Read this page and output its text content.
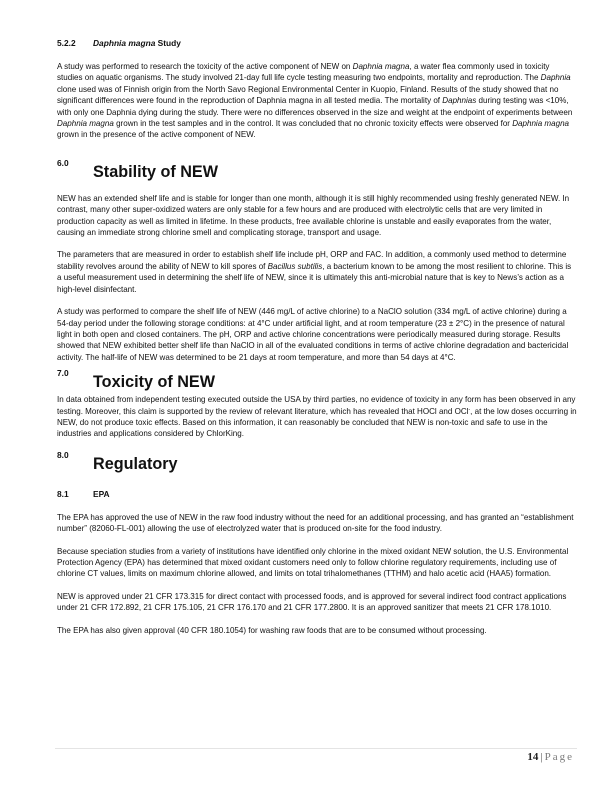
5.2.2	Daphnia magna Study

A study was performed to research the toxicity of the active component of NEW on Daphnia magna, a water flea commonly used in toxicity studies on aquatic organisms. The study involved 21-day full life cycle testing measuring two endpoints, mortality and reproduction. The Daphnia clone used was of Finnish origin from the North Savo Regional Environmental Center in Kuopio, Finland. Results of the study showed that no significant differences were found in the reproduction of Daphnia magna in all tested media. The mortality of Daphnias during testing was <10%, with only one Daphnia dying during the study. There were no differences observed in the size and weight at the endpoint of experiments between Daphnia magna grown in the test samples and in the control. It was concluded that no chronic toxicity effects were observed for Daphnia magna grown in the presence of the active component of NEW.

6.0	Stability of NEW

NEW has an extended shelf life and is stable for longer than one month, although it is still highly recommended using freshly generated NEW. In contrast, many other super-oxidized waters are only stable for a few hours and are produced with electrolytic cells that are very limited in production capacity as well as limited in lifetime. In these products, free available chlorine is unstable and easily evaporates from the water, causing an immediate strong chlorine smell and complicating storage, transport and usage.

The parameters that are measured in order to establish shelf life include pH, ORP and FAC. In addition, a commonly used method to determine stability revolves around the ability of NEW to kill spores of Bacillus subtilis, a bacterium known to be among the most resilient to chlorine. This is a useful measurement used in determining the shelf life of NEW, since it is ultimately this anti-microbial nature that is key to News’s action as a high-level disinfectant.

A study was performed to compare the shelf life of NEW (446 mg/L of active chlorine) to a NaClO solution (334 mg/L of active chlorine) during a 54-day period under the following storage conditions: at 4°C under artificial light, and at room temperature (23 ± 2°C) in the presence of natural light in both open and closed containers. The pH, ORP and active chlorine concentrations were periodically measured during storage. Results showed that NEW exhibited better shelf life than NaClO in all of the evaluated conditions in terms of active chlorine degradation and bactericidal activity. The half-life of NEW was determined to be 21 days at room temperature, and more than 54 days at 4°C.

7.0	Toxicity of NEW

In data obtained from independent testing executed outside the USA by third parties, no evidence of toxicity in any form has been observed in any testing. Moreover, this claim is supported by the review of relevant literature, which has revealed that HOCl and OCl-, at the low doses occurring in NEW, do not produce toxic effects. Based on this information, it can reasonably be concluded that NEW is non-toxic and safe to use in the industries and applications considered by ChlorKing.

8.0	Regulatory
8.1	EPA

The EPA has approved the use of NEW in the raw food industry without the need for an additional processing, and has granted an “establishment number” (82060-FL-001) allowing the use of electrolyzed water that is produced on-site for the food industry.

Because speciation studies from a variety of institutions have identified only chlorine in the mixed oxidant NEW solution, the U.S. Environmental Protection Agency (EPA) has determined that mixed oxidant customers need only to follow chlorine regulatory requirements, including use of chlorine CT values, limits on maximum chlorine allowed, and limits on total trihalomethanes (TTHM) and halo acetic acid (HAA5) formation.

NEW is approved under 21 CFR 173.315 for direct contact with processed foods, and is approved for several indirect food contract applications under 21 CFR 172.892, 21 CFR 175.105, 21 CFR 176.170 and 21 CFR 177.2800. It is an approved sanitizer that meets 21 CFR 178.1010.

The EPA has also given approval (40 CFR 180.1054) for washing raw foods that are to be consumed without processing.

14 | Page
